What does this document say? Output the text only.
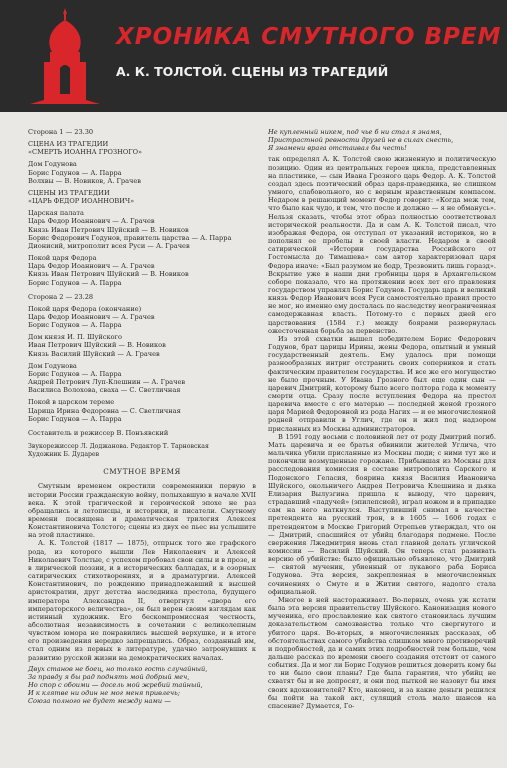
ХРОНИКА СМУТНОГО ВРЕМ
А. К. ТОЛСТОЙ. СЦЕНЫ ИЗ ТРАГЕДИЙ
Сторона 1 — 23.30
СЦЕНА ИЗ ТРАГЕДИИ
«СМЕРТЬ ИОАННА ГРОЗНОГО»
Дом Годунова
Борис Годунов — А. Парра
Волхвы — В. Новиков, А. Грачев
СЦЕНЫ ИЗ ТРАГЕДИИ
«ЦАРЬ ФЕДОР ИОАННОВИЧ»
Царская палата
Царь Федор Иоаннович — А. Грачев
Князь Иван Петрович Шуйский — В. Новиков
Борис Федорович Годунов, правитель царства — А. Парра
Дионисий, митрополит всея Руси — А. Грачев
Покой царя Федора
Царь Федор Иоаннович — А. Грачев
Князь Иван Петрович Шуйский — В. Новиков
Борис Годунов — А. Парра
Сторона 2 — 23.28
Покой царя Федора (окончание)
Царь Федор Иоаннович — А. Грачев
Борис Годунов — А. Парра
Дом князя И. П. Шуйского
Иван Петрович Шуйский — В. Новиков
Князь Василий Шуйский — А. Грачев
Дом Годунова
Борис Годунов — А. Парра
Андрей Петрович Луп-Клешнин — А. Грачев
Василиса Волохова, сваха — С. Светличная
Покой в царском тереме
Царица Ирина Федоровна — С. Светличная
Борис Годунов — А. Парра
Составитель и режиссер В. Понъявский
Звукорежиссер Л. Доджанова. Редактор Т. Тарновская
Художник Б. Дударев
СМУТНОЕ ВРЕМЯ

Смутным временем окрестили современники первую в истории России гражданскую войну, полыхавшую в начале XVII века. К этой трагической и героической эпохе не раз обращались и летописцы, и историки, и писатели. Смутному времени посвящена и драматическая трилогия Алексея Константиновича Толстого; сцены из двух ее пьес вы услышите на этой пластинке.

А. К. Толстой (1817 — 1875), отпрыск того же графского рода, из которого вышли Лев Николаевич и Алексей Николаевич Толстые, с успехом пробовал свои силы и в прозе, и в лирической поэзии, и в исторических балладах, и в озорных сатирических стихотворениях, и в драматургии. Алексей Константинович, по рождению принадлежавший к высшей аристократии, друг детства наследника престола, будущего императора Александра II, отвергнул «двора его императорского величества», он был верен своим взглядам как истинный художник. Его бескомпромиссная честность, абсолютная независимость в сочетании с великолепным чувством юмора не понравились высшей верхушке, и в итоге его произведения нередко запрещались. Образ, созданный им, стал одним из первых в литературе, удачно затронувших к развитию русской жизни на демократических началах.

Двух станов не боец, но только гость случайный,
За правду я бы рад поднять мой добрый меч,
Но спор с обоими — досель мой жребий тайный,
И к клятве ни один не мог меня привлечь;
Союза полного не будет между нами —
Не купленный никем, под чье б ни стал я знамя,
Пристрастной ревности друзей не в силах снесть,
Я знамени врага отстаивал бы честь!

так определял А. К. Толстой свою жизненную и политическую позицию. Один из центральных героев цикла, представленных на пластинке, — сын Ивана Грозного царь Федор. А. К. Толстой создал здесь поэтический образ царя-праведника, не слишком умного, слабовольного, но с верным нравственным компасом. Недаром в решающий момент Федор говорит: «Когда меж тем, что было как чудо, и тем, что после и должно — я не обманусь». Нельзя сказать, чтобы этот образ полностью соответствовал исторической реальности. Да и сам А. К. Толстой писал, что изображая Федора, он отступал от указаний историков, но в пополнял ее пробелы в своей власти. Недаром в своей сатирической «Истории государства Российского от Гостомысла до Тимашева» сам автор характеризовал царя Федора иначе: «Был разумом не бодр, Трезвонить лишь горазд». Вскрытие уже в наши дни гробницы царя в Архангельском соборе показало, что на протяжении всех лет его правления государством управлял Борис Годунов. Государь царь и великий князь Федор Иванович всея Руси самостоятельно правил просто не мог, но именно ему досталась по наследству неограниченная самодержавная власть. Потому-то с первых дней его царствования (1584 г.) между боярами развернулась ожесточенная борьба за первенство.

Из этой схватки вышел победителем Борис Федорович Годунов, брат царицы Ирины, жены Федора, опытный и умный государственный деятель. Ему удалось при помощи разнообразных интриг отстранить своих соперников и стать фактическим правителем государства. И все же его могущество не было прочным. У Ивана Грозного был еще один сын — царевич Дмитрий, которому было всего полтора года к моменту смерти отца. Сразу после вступления Федора на престол царевича вместе с его матерью — последней женой грозного царя Марией Федоровной из рода Нагих — и ее многочисленной родней отправили в Углич, где он и жил под надзором присланных из Москвы администраторов.

В 1591 году восьми с половиной лет от роду Дмитрий погиб. Мать царевича и ее братья обвинили жителей Углича, что мальчика убили присланные из Москвы люди; с ними тут же и покончили возмущенные горожане. Прибывшая из Москвы для расследования комиссия в составе митрополита Сарского и Подонского Геласия, боярина князя Василия Ивановича Шуйского, окольничего Андрея Петровича Клешнина и дьяка Елизария Вылузгина пришла к выводу, что царевич, страдавший «падучей» (эпилепсией), играл ножом и в припадке сам на него наткнулся. Выступивший снимал в качестве претендента на русский трон, в в 1605 — 1606 годах с претендентом в Москве Григорий Отрепьев утверждал, что он — Дмитрий, спасшийся от убийц благодаря подмене. После свержения Лжедмитрия вновь стал главной делать угличской комиссии — Василий Шуйский. Он теперь стал развивать версию об убийстве: было официально объявлено, что Дмитрий — святой мученик, убиенный от лукавого раба Бориса Годунова. Эта версия, закрепленная в многочисленных сочинениях о Смуте и в Житии святого, надолго стала официальной.

Многое в ней настораживает. Во-первых, очень уж кстати была эта версия правительству Шуйского. Канонизация нового мученика, его прославление как святого становилась лучшим доказательством самозванства только что свергнутого и убитого царя. Во-вторых, в многочисленных рассказах, об обстоятельствах самого убийства слишком много противоречий и подробностей, да и самих этих подробностей тем больше, чем дальше рассказ по времени своего создания отстоит от самого события. Да и мог ли Борис Годунов решиться доверить кому бы то ни было свои планы? Где была гарантия, что убийц не схватят бы и не допросят, и они под пыткой не назовут бы имя своих вдохновителей? Кто, наконец, и за какие деньги решился бы пойти на такой акт, сулящий столь мало шансов на спасение? Думается, Го-
